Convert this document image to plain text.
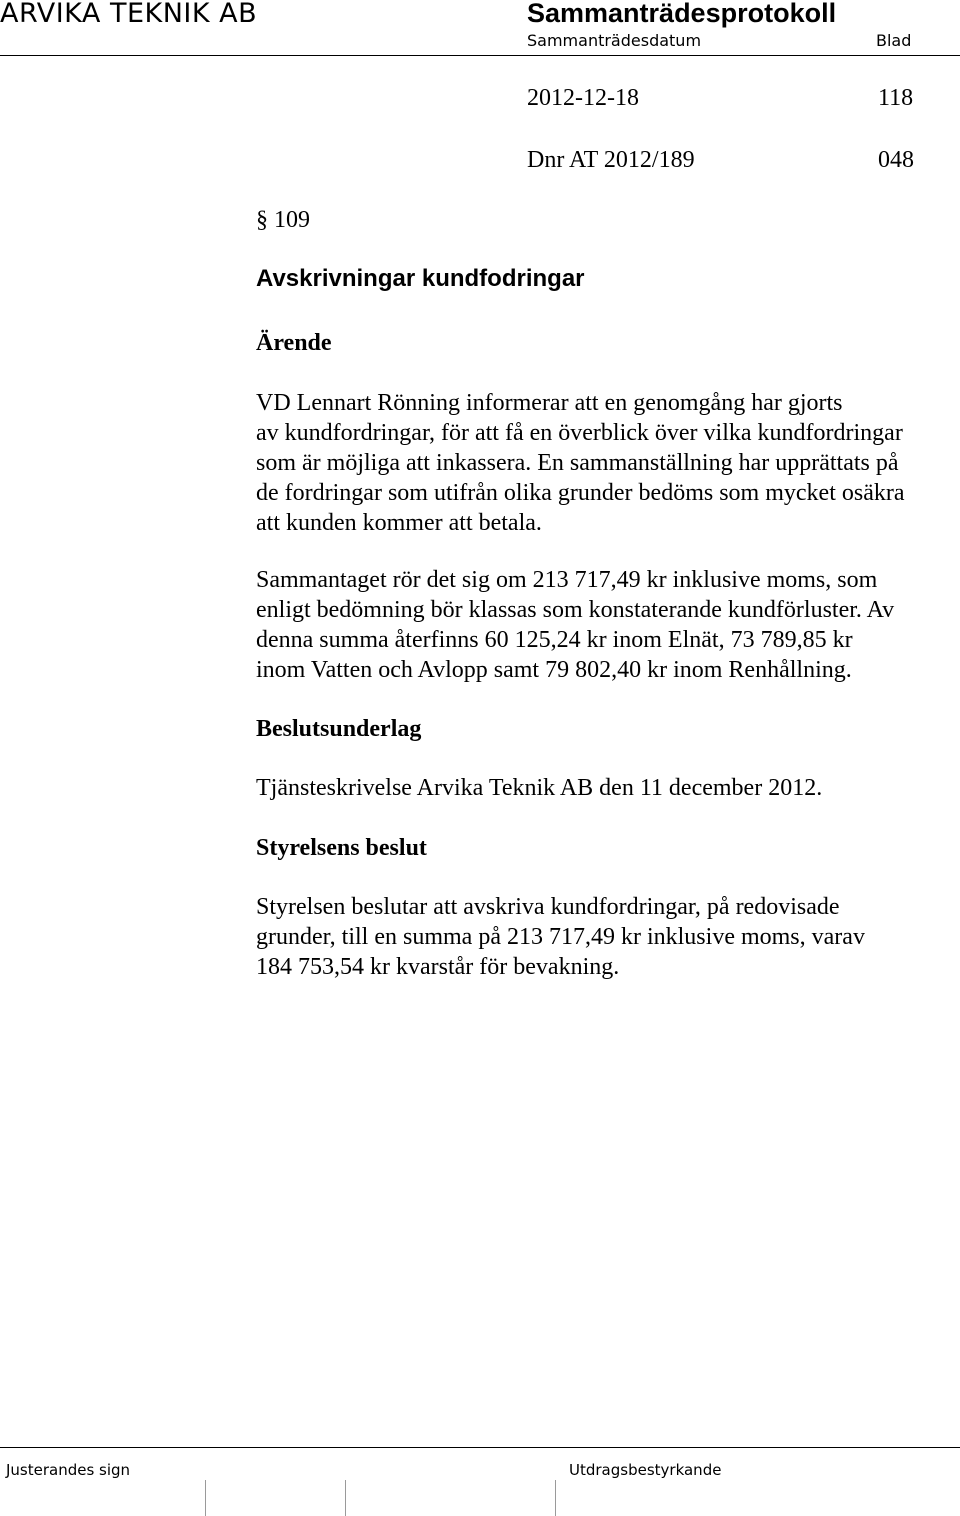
ARVIKA TEKNIK AB	Sammanträdesprotokoll
Sammanträdesdatum	Blad
2012-12-18	118
Dnr AT 2012/189	048
§ 109
Avskrivningar kundfodringar
Ärende
VD Lennart Rönning informerar att en genomgång har gjorts
av kundfordringar, för att få en överblick över vilka kundfordringar
som är möjliga att inkassera. En sammanställning har upprättats på
de fordringar som utifrån olika grunder bedöms som mycket osäkra
att kunden kommer att betala.
Sammantaget rör det sig om 213 717,49 kr inklusive moms, som
enligt bedömning bör klassas som konstaterande kundförluster. Av
denna summa återfinns 60 125,24 kr inom Elnät, 73 789,85 kr
inom Vatten och Avlopp samt 79 802,40 kr inom Renhållning.
Beslutsunderlag
Tjänsteskrivelse Arvika Teknik AB den 11 december 2012.
Styrelsens beslut
Styrelsen beslutar att avskriva kundfordringar, på redovisade
grunder, till en summa på 213 717,49 kr inklusive moms, varav
184 753,54 kr kvarstår för bevakning.
Justerandes sign	Utdragsbestyrkande
